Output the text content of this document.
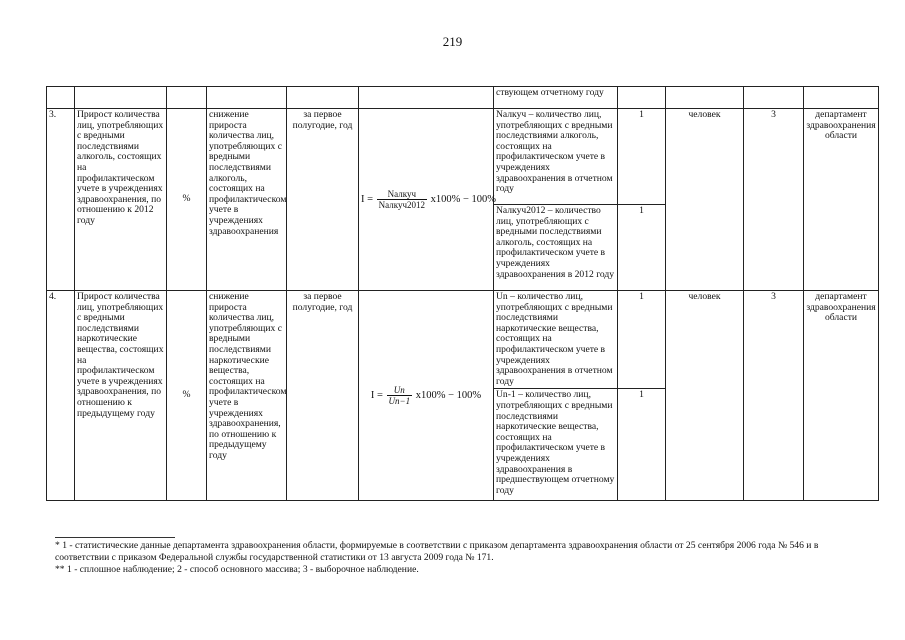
219
						ствующем отчетному году				
3.	Прирост количества лиц, употребляющих с вредными последствиями алкоголь, состоящих на профилактическом учете в учреждениях здравоохранения, по отношению к 2012 году	%	снижение прироста количества лиц, употребляющих с вредными последствиями алкоголь, состоящих на профилактическом учете в учреждениях здравоохранения	за первое полугодие, год	$I = \frac{\text{Nалкуч}}{\text{Nалкуч2012}} x100\% - 100\%$	Nалкуч – количество лиц, употребляющих с вредными последствиями алкоголь, состоящих на профилактическом учете в учреждениях здравоохранения в отчетном году	1	человек	3	департамент здравоохранения области
						Nалкуч2012 – количество лиц, употребляющих с вредными последствиями алкоголь, состоящих на профилактическом учете в учреждениях здравоохранения в 2012 году	1			
4.	Прирост количества лиц, употребляющих с вредными последствиями наркотические вещества, состоящих на профилактическом учете в учреждениях здравоохранения, по отношению к предыдущему году	%	снижение прироста количества лиц, употребляющих с вредными последствиями наркотические вещества, состоящих на профилактическом учете в учреждениях здравоохранения, по отношению к предыдущему году	за первое полугодие, год	$I = \frac{Un}{Un-1} x100\% - 100\%$	Un – количество лиц, употребляющих с вредными последствиями наркотические вещества, состоящих на профилактическом учете в учреждениях здравоохранения в отчетном году	1	человек	3	департамент здравоохранения области
						Un-1 – количество лиц, употребляющих с вредными последствиями наркотические вещества, состоящих на профилактическом учете в учреждениях здравоохранения в предшествующем отчетному году	1			
* 1 - статистические данные департамента здравоохранения области, формируемые в соответствии с приказом департамента здравоохранения области от 25 сентября 2006 года № 546 и в соответствии с приказом Федеральной службы государственной статистики от 13 августа 2009 года № 171.
** 1 - сплошное наблюдение; 2 - способ основного массива; 3 - выборочное наблюдение.
